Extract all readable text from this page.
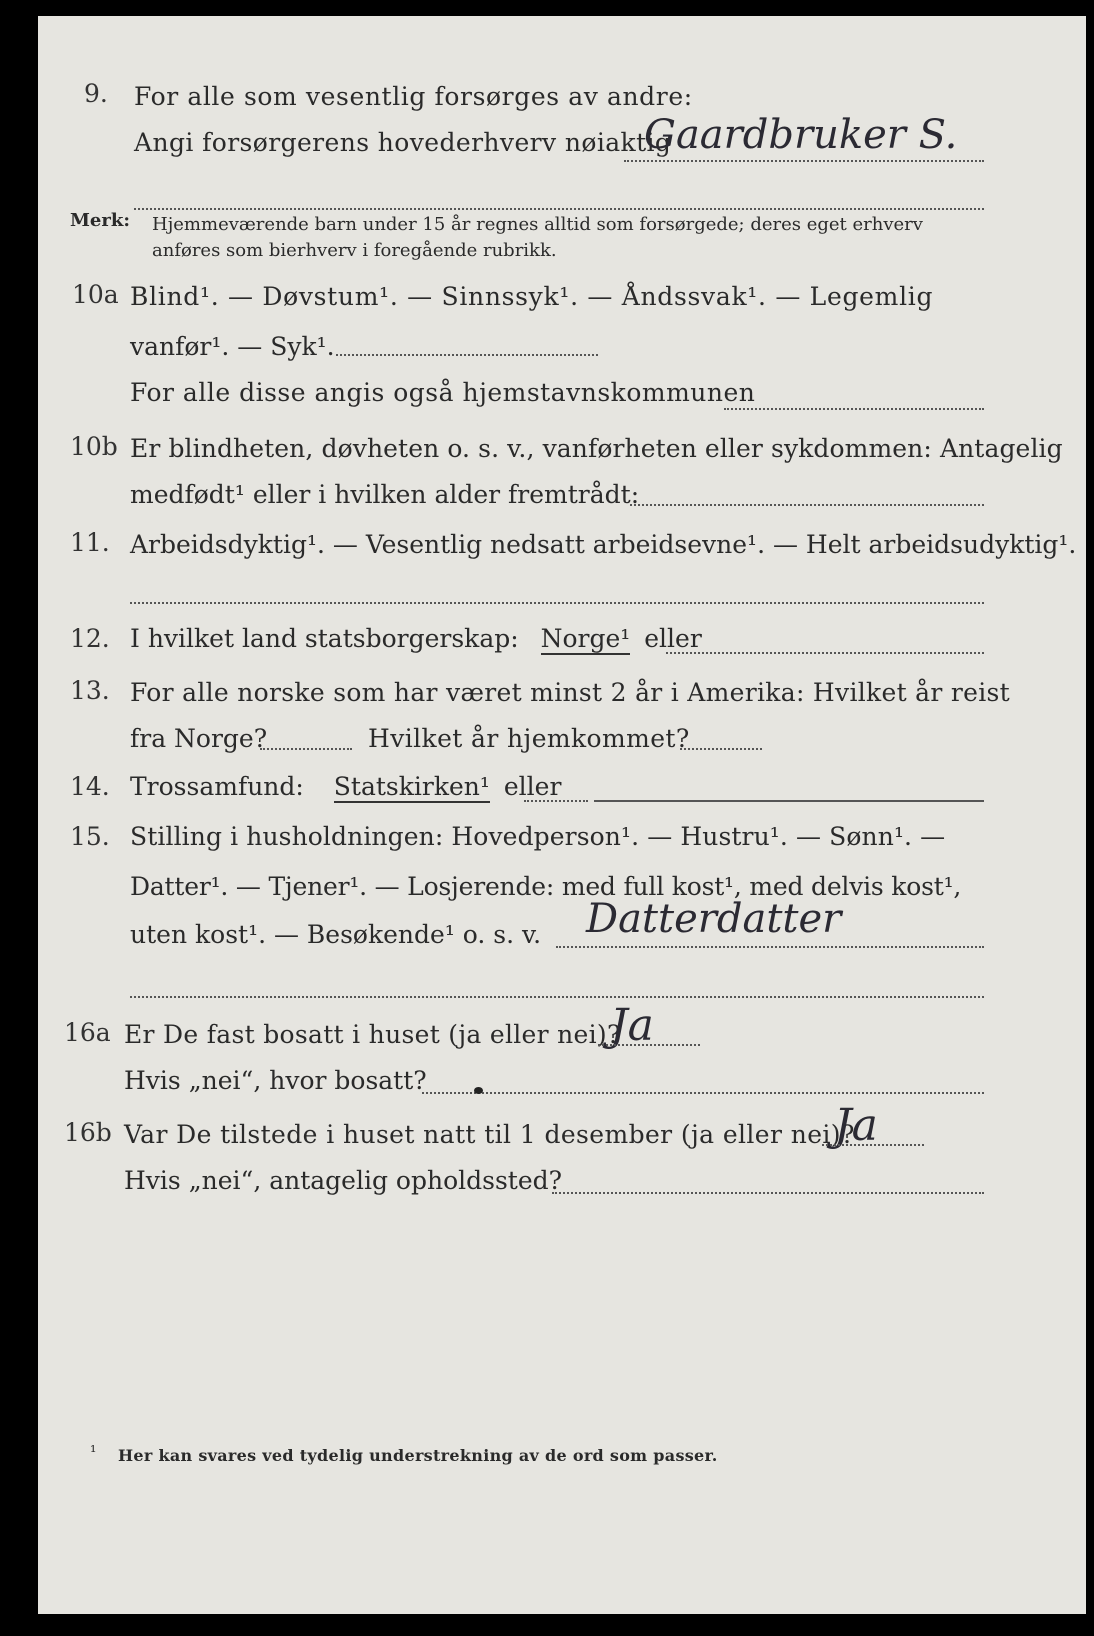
9. For alle som vesentlig forsørges av andre:
Angi forsørgerens hovederhverv nøiaktig
Gaardbruker S.
Merk: Hjemmeværende barn under 15 år regnes alltid som forsørgede; deres eget erhverv
anføres som bierhverv i foregående rubrikk.
10a Blind¹. — Døvstum¹. — Sinnssyk¹. — Åndssvak¹. — Legemlig
vanfør¹. — Syk¹.
For alle disse angis også hjemstavnskommunen
10b Er blindheten, døvheten o. s. v., vanførheten eller sykdommen: Antagelig
medfødt¹ eller i hvilken alder fremtrådt:
11. Arbeidsdyktig¹. — Vesentlig nedsatt arbeidsevne¹. — Helt arbeidsudyktig¹.
12. I hvilket land statsborgerskap: Norge¹ eller
13. For alle norske som har været minst 2 år i Amerika: Hvilket år reist
fra Norge?	Hvilket år hjemkommet?
14. Trossamfund: Statskirken¹ eller
15. Stilling i husholdningen: Hovedperson¹. — Hustru¹. — Sønn¹. —
Datter¹. — Tjener¹. — Losjerende: med full kost¹, med delvis kost¹,
uten kost¹. — Besøkende¹ o. s. v. Datterdatter
16a Er De fast bosatt i huset (ja eller nei)?
Ja
Hvis „nei“, hvor bosatt?
16b Var De tilstede i huset natt til 1 desember (ja eller nei)?
Ja
Hvis „nei“, antagelig opholdssted?
¹ Her kan svares ved tydelig understrekning av de ord som passer.
